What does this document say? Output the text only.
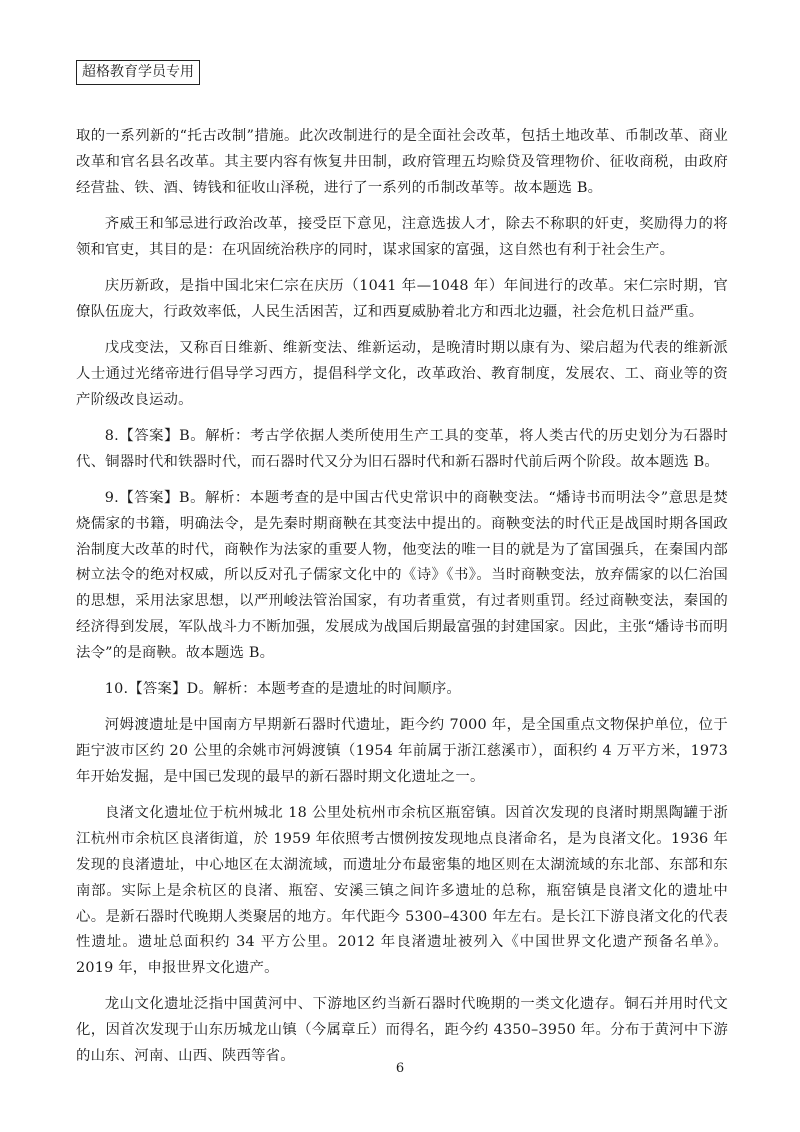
超格教育学员专用

取的一系列新的“托古改制”措施。此次改制进行的是全面社会改革，包括土地改革、币制改革、商业改革和官名县名改革。其主要内容有恢复井田制，政府管理五均赊贷及管理物价、征收商税，由政府经营盐、铁、酒、铸钱和征收山泽税，进行了一系列的币制改革等。故本题选 B。

齐威王和邹忌进行政治改革，接受臣下意见，注意选拔人才，除去不称职的奸吏，奖励得力的将领和官吏，其目的是：在巩固统治秩序的同时，谋求国家的富强，这自然也有利于社会生产。

庆历新政，是指中国北宋仁宗在庆历（1041 年—1048 年）年间进行的改革。宋仁宗时期，官僚队伍庞大，行政效率低，人民生活困苦，辽和西夏威胁着北方和西北边疆，社会危机日益严重。

戊戌变法，又称百日维新、维新变法、维新运动，是晚清时期以康有为、梁启超为代表的维新派人士通过光绪帝进行倡导学习西方，提倡科学文化，改革政治、教育制度，发展农、工、商业等的资产阶级改良运动。

8.【答案】B。解析：考古学依据人类所使用生产工具的变革，将人类古代的历史划分为石器时代、铜器时代和铁器时代，而石器时代又分为旧石器时代和新石器时代前后两个阶段。故本题选 B。

9.【答案】B。解析：本题考查的是中国古代史常识中的商鞅变法。“燔诗书而明法令”意思是焚烧儒家的书籍，明确法令，是先秦时期商鞅在其变法中提出的。商鞅变法的时代正是战国时期各国政治制度大改革的时代，商鞅作为法家的重要人物，他变法的唯一目的就是为了富国强兵，在秦国内部树立法令的绝对权威，所以反对孔子儒家文化中的《诗》《书》。当时商鞅变法，放弃儒家的以仁治国的思想，采用法家思想，以严刑峻法管治国家，有功者重赏，有过者则重罚。经过商鞅变法，秦国的经济得到发展，军队战斗力不断加强，发展成为战国后期最富强的封建国家。因此，主张“燔诗书而明法令”的是商鞅。故本题选 B。

10.【答案】D。解析：本题考查的是遗址的时间顺序。

河姆渡遗址是中国南方早期新石器时代遗址，距今约 7000 年，是全国重点文物保护单位，位于距宁波市区约 20 公里的余姚市河姆渡镇（1954 年前属于浙江慈溪市），面积约 4 万平方米，1973 年开始发掘，是中国已发现的最早的新石器时期文化遗址之一。

良渚文化遗址位于杭州城北 18 公里处杭州市余杭区瓶窑镇。因首次发现的良渚时期黑陶罐于浙江杭州市余杭区良渚街道，於 1959 年依照考古惯例按发现地点良渚命名，是为良渚文化。1936 年发现的良渚遗址，中心地区在太湖流域，而遗址分布最密集的地区则在太湖流域的东北部、东部和东南部。实际上是余杭区的良渚、瓶窑、安溪三镇之间许多遗址的总称，瓶窑镇是良渚文化的遗址中心。是新石器时代晚期人类聚居的地方。年代距今 5300–4300 年左右。是长江下游良渚文化的代表性遗址。遗址总面积约 34 平方公里。2012 年良渚遗址被列入《中国世界文化遗产预备名单》。2019 年，申报世界文化遗产。

龙山文化遗址泛指中国黄河中、下游地区约当新石器时代晚期的一类文化遗存。铜石并用时代文化，因首次发现于山东历城龙山镇（今属章丘）而得名，距今约 4350–3950 年。分布于黄河中下游的山东、河南、山西、陕西等省。

6
